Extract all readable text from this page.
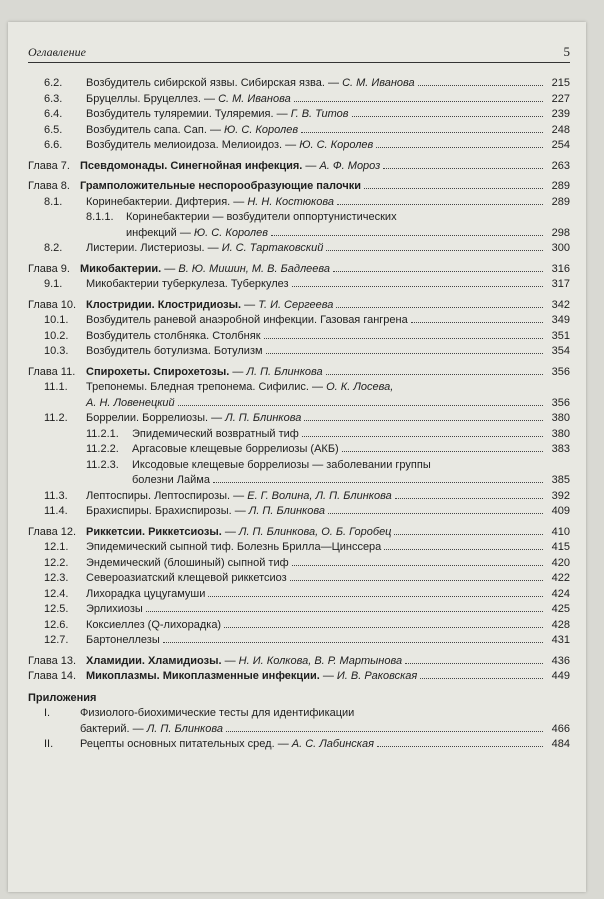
Оглавление	5
6.2.	Возбудитель сибирской язвы. Сибирская язва. — С. М. Иванова	215
6.3.	Бруцеллы. Бруцеллез. — С. М. Иванова	227
6.4.	Возбудитель туляремии. Туляремия. — Г. В. Титов	239
6.5.	Возбудитель сапа. Сап. — Ю. С. Королев	248
6.6.	Возбудитель мелиоидоза. Мелиоидоз. — Ю. С. Королев	254
Глава 7. Псевдомонады. Синегнойная инфекция. — А. Ф. Мороз	263
Глава 8. Грамположительные неспорообразующие палочки	289
8.1.	Коринебактерии. Дифтерия. — Н. Н. Костюкова	289
8.1.1.	Коринебактерии — возбудители оппортунистических
инфекций — Ю. С. Королев	298
8.2.	Листерии. Листериозы. — И. С. Тартаковский	300
Глава 9. Микобактерии. — В. Ю. Мишин, М. В. Бадлеева	316
9.1.	Микобактерии туберкулеза. Туберкулез	317
Глава 10. Клостридии. Клостридиозы. — Т. И. Сергеева	342
10.1.	Возбудитель раневой анаэробной инфекции. Газовая гангрена	349
10.2.	Возбудитель столбняка. Столбняк	351
10.3.	Возбудитель ботулизма. Ботулизм	354
Глава 11. Спирохеты. Спирохетозы. — Л. П. Блинкова	356
11.1.	Трепонемы. Бледная трепонема. Сифилис. — О. К. Лосева,
А. Н. Ловенецкий	356
11.2.	Боррелии. Боррелиозы. — Л. П. Блинкова	380
11.2.1.	Эпидемический возвратный тиф	380
11.2.2.	Аргасовые клещевые боррелиозы (АКБ)	383
11.2.3.	Иксодовые клещевые боррелиозы — заболевании группы
болезни Лайма	385
11.3.	Лептоспиры. Лептоспирозы. — Е. Г. Волина, Л. П. Блинкова	392
11.4.	Брахиспиры. Брахиспирозы. — Л. П. Блинкова	409
Глава 12. Риккетсии. Риккетсиозы. — Л. П. Блинкова, О. Б. Горобец	410
12.1.	Эпидемический сыпной тиф. Болезнь Брилла—Цинссера	415
12.2.	Эндемический (блошиный) сыпной тиф	420
12.3.	Североазиатский клещевой риккетсиоз	422
12.4.	Лихорадка цуцугамуши	424
12.5.	Эрлихиозы	425
12.6.	Коксиеллез (Q-лихорадка)	428
12.7.	Бартонеллезы	431
Глава 13. Хламидии. Хламидиозы. — Н. И. Колкова, В. Р. Мартынова	436
Глава 14. Микоплазмы. Микоплазменные инфекции. — И. В. Раковская	449
Приложения
I.	Физиолого-биохимические тесты для идентификации
бактерий. — Л. П. Блинкова	466
II.	Рецепты основных питательных сред. — А. С. Лабинская	484
